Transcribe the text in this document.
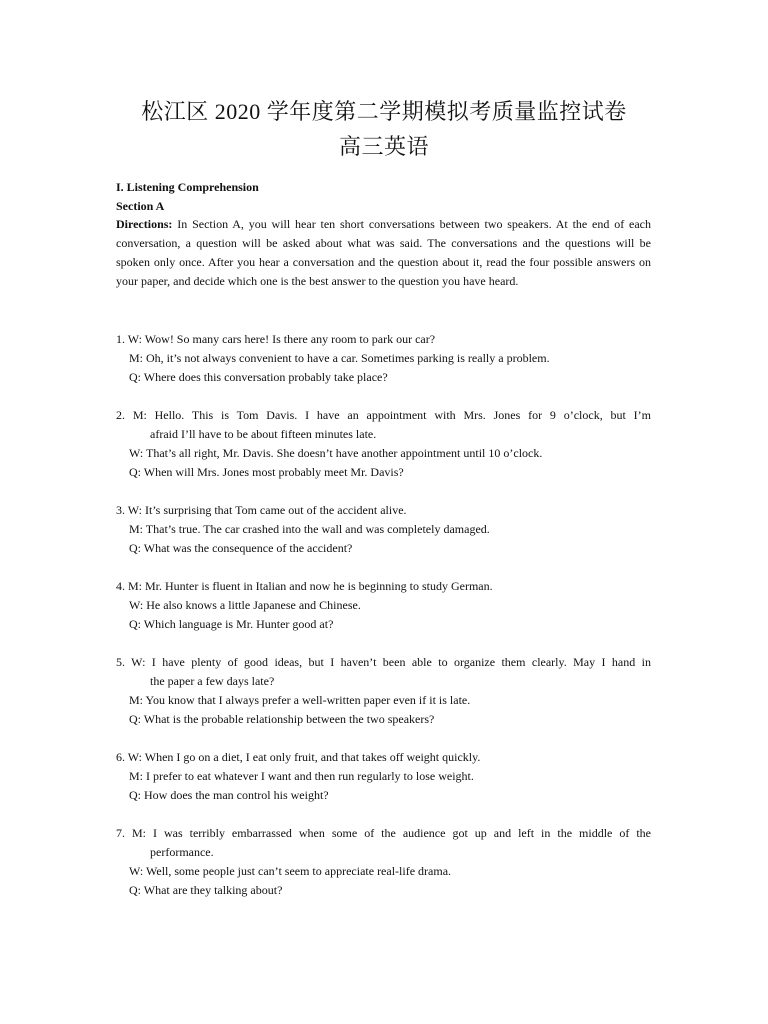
松江区 2020 学年度第二学期模拟考质量监控试卷
高三英语
I. Listening Comprehension
Section A
Directions: In Section A, you will hear ten short conversations between two speakers. At the end of each conversation, a question will be asked about what was said. The conversations and the questions will be spoken only once. After you hear a conversation and the question about it, read the four possible answers on your paper, and decide which one is the best answer to the question you have heard.
1. W: Wow! So many cars here! Is there any room to park our car?
M: Oh, it’s not always convenient to have a car. Sometimes parking is really a problem.
Q: Where does this conversation probably take place?
2. M: Hello. This is Tom Davis. I have an appointment with Mrs. Jones for 9 o’clock, but I’m
afraid I’ll have to be about fifteen minutes late.
W: That’s all right, Mr. Davis. She doesn’t have another appointment until 10 o’clock.
Q: When will Mrs. Jones most probably meet Mr. Davis?
3. W: It’s surprising that Tom came out of the accident alive.
M: That’s true. The car crashed into the wall and was completely damaged.
Q: What was the consequence of the accident?
4. M: Mr. Hunter is fluent in Italian and now he is beginning to study German.
W: He also knows a little Japanese and Chinese.
Q: Which language is Mr. Hunter good at?
5. W: I have plenty of good ideas, but I haven’t been able to organize them clearly. May I hand in
the paper a few days late?
M: You know that I always prefer a well-written paper even if it is late.
Q: What is the probable relationship between the two speakers?
6. W: When I go on a diet, I eat only fruit, and that takes off weight quickly.
M: I prefer to eat whatever I want and then run regularly to lose weight.
Q: How does the man control his weight?
7. M: I was terribly embarrassed when some of the audience got up and left in the middle of the
performance.
W: Well, some people just can’t seem to appreciate real-life drama.
Q: What are they talking about?
